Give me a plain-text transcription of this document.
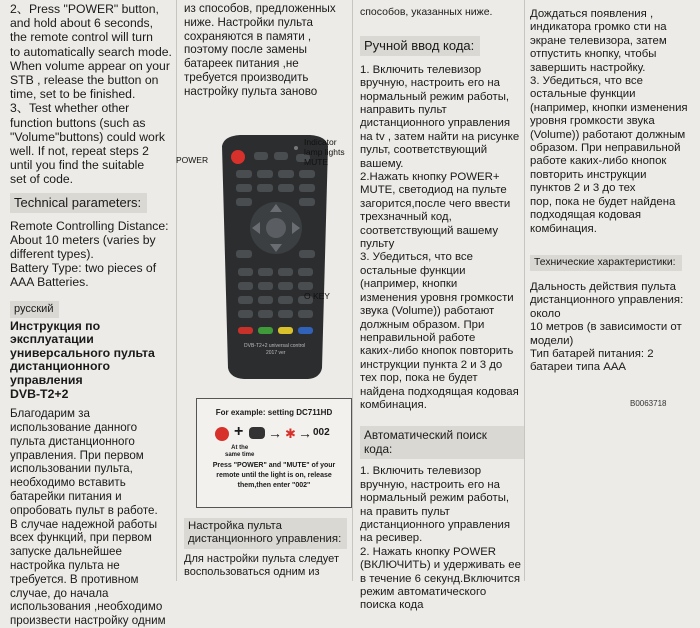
2、Press "POWER" button,
and hold about 6 seconds,
the remote control will turn
to automatically search mode.
When volume appear on your
STB , release the button on
time, set to be finished.
3、Test whether other
function buttons (such as
"Volume"buttons) could work
well. If not, repeat steps 2
until you find the suitable
set of code.

Technical parameters:

Remote Controlling Distance:
About 10 meters (varies by
different types).
Battery Type: two pieces of
AAA Batteries.

русский

Инструкция по
эксплуатации
универсального пульта
дистанционного
управления
DVB-T2+2

Благодарим за
использование данного
пульта дистанционного
управления. При первом
использовании пульта,
необходимо вставить
батарейки питания и
опробовать пульт в работе.
В случае надежной работы
всех функций, при первом
запуске дальнейшее
настройка пульта не
требуется. В противном
случае, до начала
использования ,необходимо
произвести настройку одним

из способов, предложенных
ниже. Настройки пульта
сохраняются в памяти ,
поэтому после замены
батареек питания ,не
требуется производить
настройку пульта заново

DVB-T2+2 universal control
2017 ver
POWER
Indicator
lamp lights
MUTE
O KEY
For example: setting DC711HD
+ → ✱ → 002
At the
same time
Press "POWER" and "MUTE" of your
remote until the light is on, release
them,then enter "002"

Настройка пульта
дистанционного управления:

Для настройки пульта следует
воспользоваться одним из

способов, указанных ниже.

Ручной ввод кода:

1. Включить телевизор
вручную, настроить его на
нормальный режим работы,
направить пульт
дистанционного управления
на tv , затем найти на рисунке
пульт, соответствующий
вашему.
2.Нажать кнопку POWER+
MUTE, светодиод на пульте
загорится,после чего ввести
трехзначный код,
соответствующий вашему
пульту
3. Убедиться, что все
остальные функции
(например, кнопки
изменения уровня громкости
звука (Volume)) работают
должным образом. При
неправильной работе
каких-либо кнопок повторить
инструкции пункта 2 и 3 до
тех пор, пока не будет
найдена подходящая кодовая
комбинация.

Автоматический поиск кода:

1. Включить телевизор
вручную, настроить его на
нормальный режим работы,
на править пульт
дистанционного управления
на ресивер.
2. Нажать кнопку POWER
(ВКЛЮЧИТЬ) и удерживать ее
в течение 6 секунд.Включится
режим автоматического
поиска кода

Дождаться появления ,
индикатора громко сти на
экране телевизора, затем
отпустить кнопку, чтобы
завершить настройку.
3. Убедиться, что все
остальные функции
(например, кнопки изменения
уровня громкости звука
(Volume)) работают должным
образом. При неправильной
работе каких-либо кнопок
повторить инструкции
пунктов 2 и 3 до тех
пор, пока не будет найдена
подходящая кодовая
комбинация.

Технические характеристики:

Дальность действия пульта
дистанционного управления:
около
10 метров (в зависимости от
модели)
Тип батарей питания: 2
батареи типа AAA

B0063718
